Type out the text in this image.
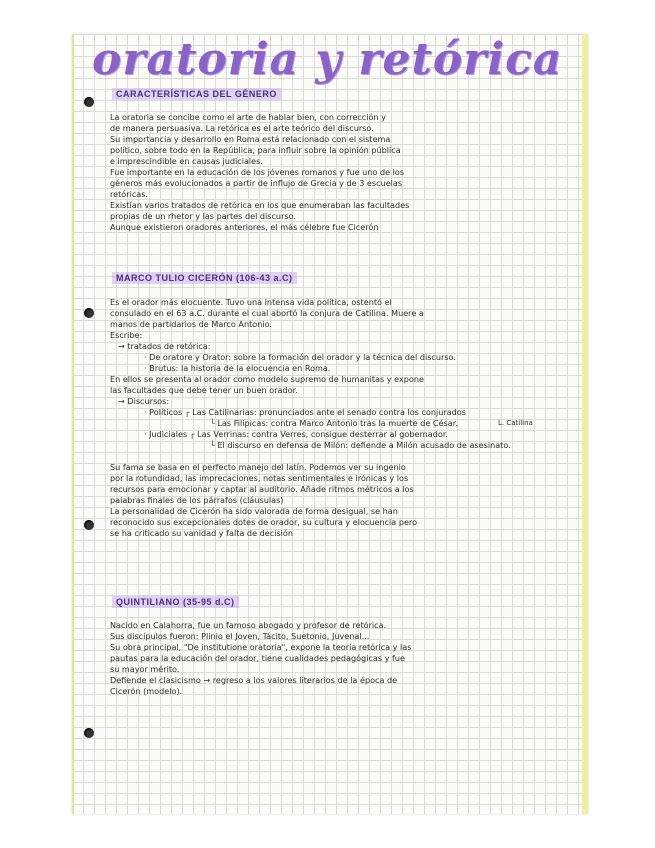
oratoria y retórica
CARACTERÍSTICAS DEL GÉNERO
La oratoria se concibe como el arte de hablar bien, con corrección y
de manera persuasiva. La retórica es el arte teórico del discurso.
Su importancia y desarrollo en Roma está relacionado con el sistema
político, sobre todo en la República, para influir sobre la opinión pública
e imprescindible en causas judiciales.
Fue importante en la educación de los jóvenes romanos y fue uno de los
géneros más evolucionados a partir de influjo de Grecia y de 3 escuelas
retóricas.
Existían varios tratados de retórica en los que enumeraban las facultades
propias de un rhetor y las partes del discurso.
Aunque existieron oradores anteriores, el más célebre fue Cicerón
MARCO TULIO CICERÓN (106-43 a.C)
Es el orador más elocuente. Tuvo una intensa vida política, ostentó el
consulado en el 63 a.C. durante el cual abortó la conjura de Catilina. Muere a
manos de partidarios de Marco Antonio.
Escribe:
→ tratados de retórica:
· De oratore y Orator: sobre la formación del orador y la técnica del discurso.
· Brutus: la historia de la elocuencia en Roma.
En ellos se presenta al orador como modelo supremo de humanitas y expone
las facultades que debe tener un buen orador.
→ Discursos:
· Políticos ┌ Las Catilinarias: pronunciados ante el senado contra los conjurados
└ Las Filípicas: contra Marco Antonio tras la muerte de César.
· Judiciales ┌ Las Verrinas: contra Verres, consigue desterrar al gobernador.
└ El discurso en defensa de Milón: defiende a Milón acusado de asesinato.
Su fama se basa en el perfecto manejo del latín. Podemos ver su ingenio
por la rotundidad, las imprecaciones, notas sentimentales e irónicas y los
recursos para emocionar y captar al auditorio. Añade ritmos métricos a los
palabras finales de los párrafos (cláusulas)
La personalidad de Cicerón ha sido valorada de forma desigual, se han
reconocido sus excepcionales dotes de orador, su cultura y elocuencia pero
se ha criticado su vanidad y falta de decisión
L. Catilina
QUINTILIANO (35-95 d.C)
Nacido en Calahorra, fue un famoso abogado y profesor de retórica.
Sus discípulos fueron: Plinio el Joven, Tácito, Suetonio, Juvenal...
Su obra principal, "De institutione oratoria", expone la teoría retórica y las
pautas para la educación del orador, tiene cualidades pedagógicas y fue
su mayor mérito.
Defiende el clasicismo → regreso a los valores literarios de la época de
Cicerón (modelo).
